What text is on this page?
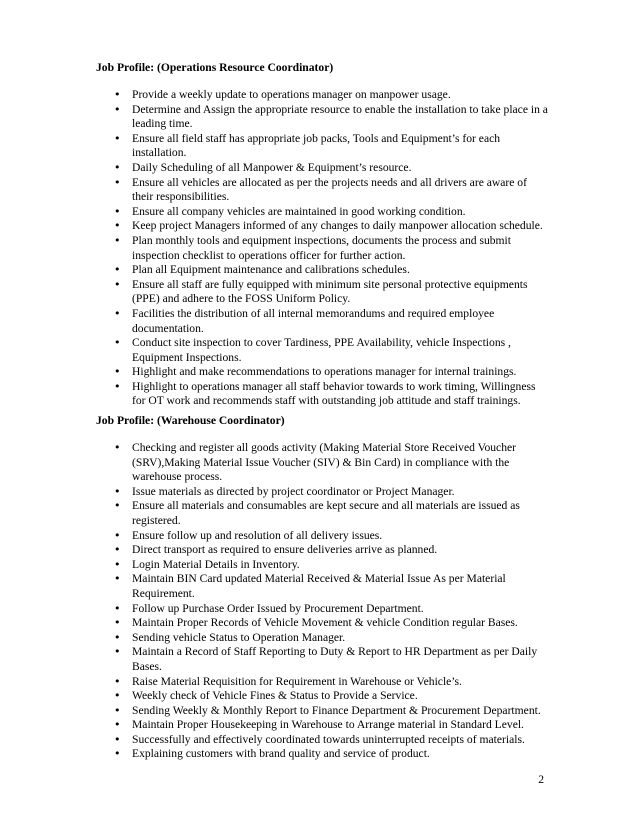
Job Profile: (Operations Resource Coordinator)

• Provide a weekly update to operations manager on manpower usage.
• Determine and Assign the appropriate resource to enable the installation to take place in a leading time.
• Ensure all field staff has appropriate job packs, Tools and Equipment’s for each installation.
• Daily Scheduling of all Manpower & Equipment’s resource.
• Ensure all vehicles are allocated as per the projects needs and all drivers are aware of their responsibilities.
• Ensure all company vehicles are maintained in good working condition.
• Keep project Managers informed of any changes to daily manpower allocation schedule.
• Plan monthly tools and equipment inspections, documents the process and submit inspection checklist to operations officer for further action.
• Plan all Equipment maintenance and calibrations schedules.
• Ensure all staff are fully equipped with minimum site personal protective equipments (PPE) and adhere to the FOSS Uniform Policy.
• Facilities the distribution of all internal memorandums and required employee documentation.
• Conduct site inspection to cover Tardiness, PPE Availability, vehicle Inspections , Equipment Inspections.
• Highlight and make recommendations to operations manager for internal trainings.
• Highlight to operations manager all staff behavior towards to work timing, Willingness for OT work and recommends staff with outstanding job attitude and staff trainings.

Job Profile: (Warehouse Coordinator)

• Checking and register all goods activity (Making Material Store Received Voucher (SRV),Making Material Issue Voucher (SIV) & Bin Card) in compliance with the warehouse process.
• Issue materials as directed by project coordinator or Project Manager.
• Ensure all materials and consumables are kept secure and all materials are issued as registered.
• Ensure follow up and resolution of all delivery issues.
• Direct transport as required to ensure deliveries arrive as planned.
• Login Material Details in Inventory.
• Maintain BIN Card updated Material Received & Material Issue As per Material Requirement.
• Follow up Purchase Order Issued by Procurement Department.
• Maintain Proper Records of Vehicle Movement & vehicle Condition regular Bases.
• Sending vehicle Status to Operation Manager.
• Maintain a Record of Staff Reporting to Duty & Report to HR Department as per Daily Bases.
• Raise Material Requisition for Requirement in Warehouse or Vehicle’s.
• Weekly check of Vehicle Fines & Status to Provide a Service.
• Sending Weekly & Monthly Report to Finance Department & Procurement Department.
• Maintain Proper Housekeeping in Warehouse to Arrange material in Standard Level.
• Successfully and effectively coordinated towards uninterrupted receipts of materials.
• Explaining customers with brand quality and service of product.

2
